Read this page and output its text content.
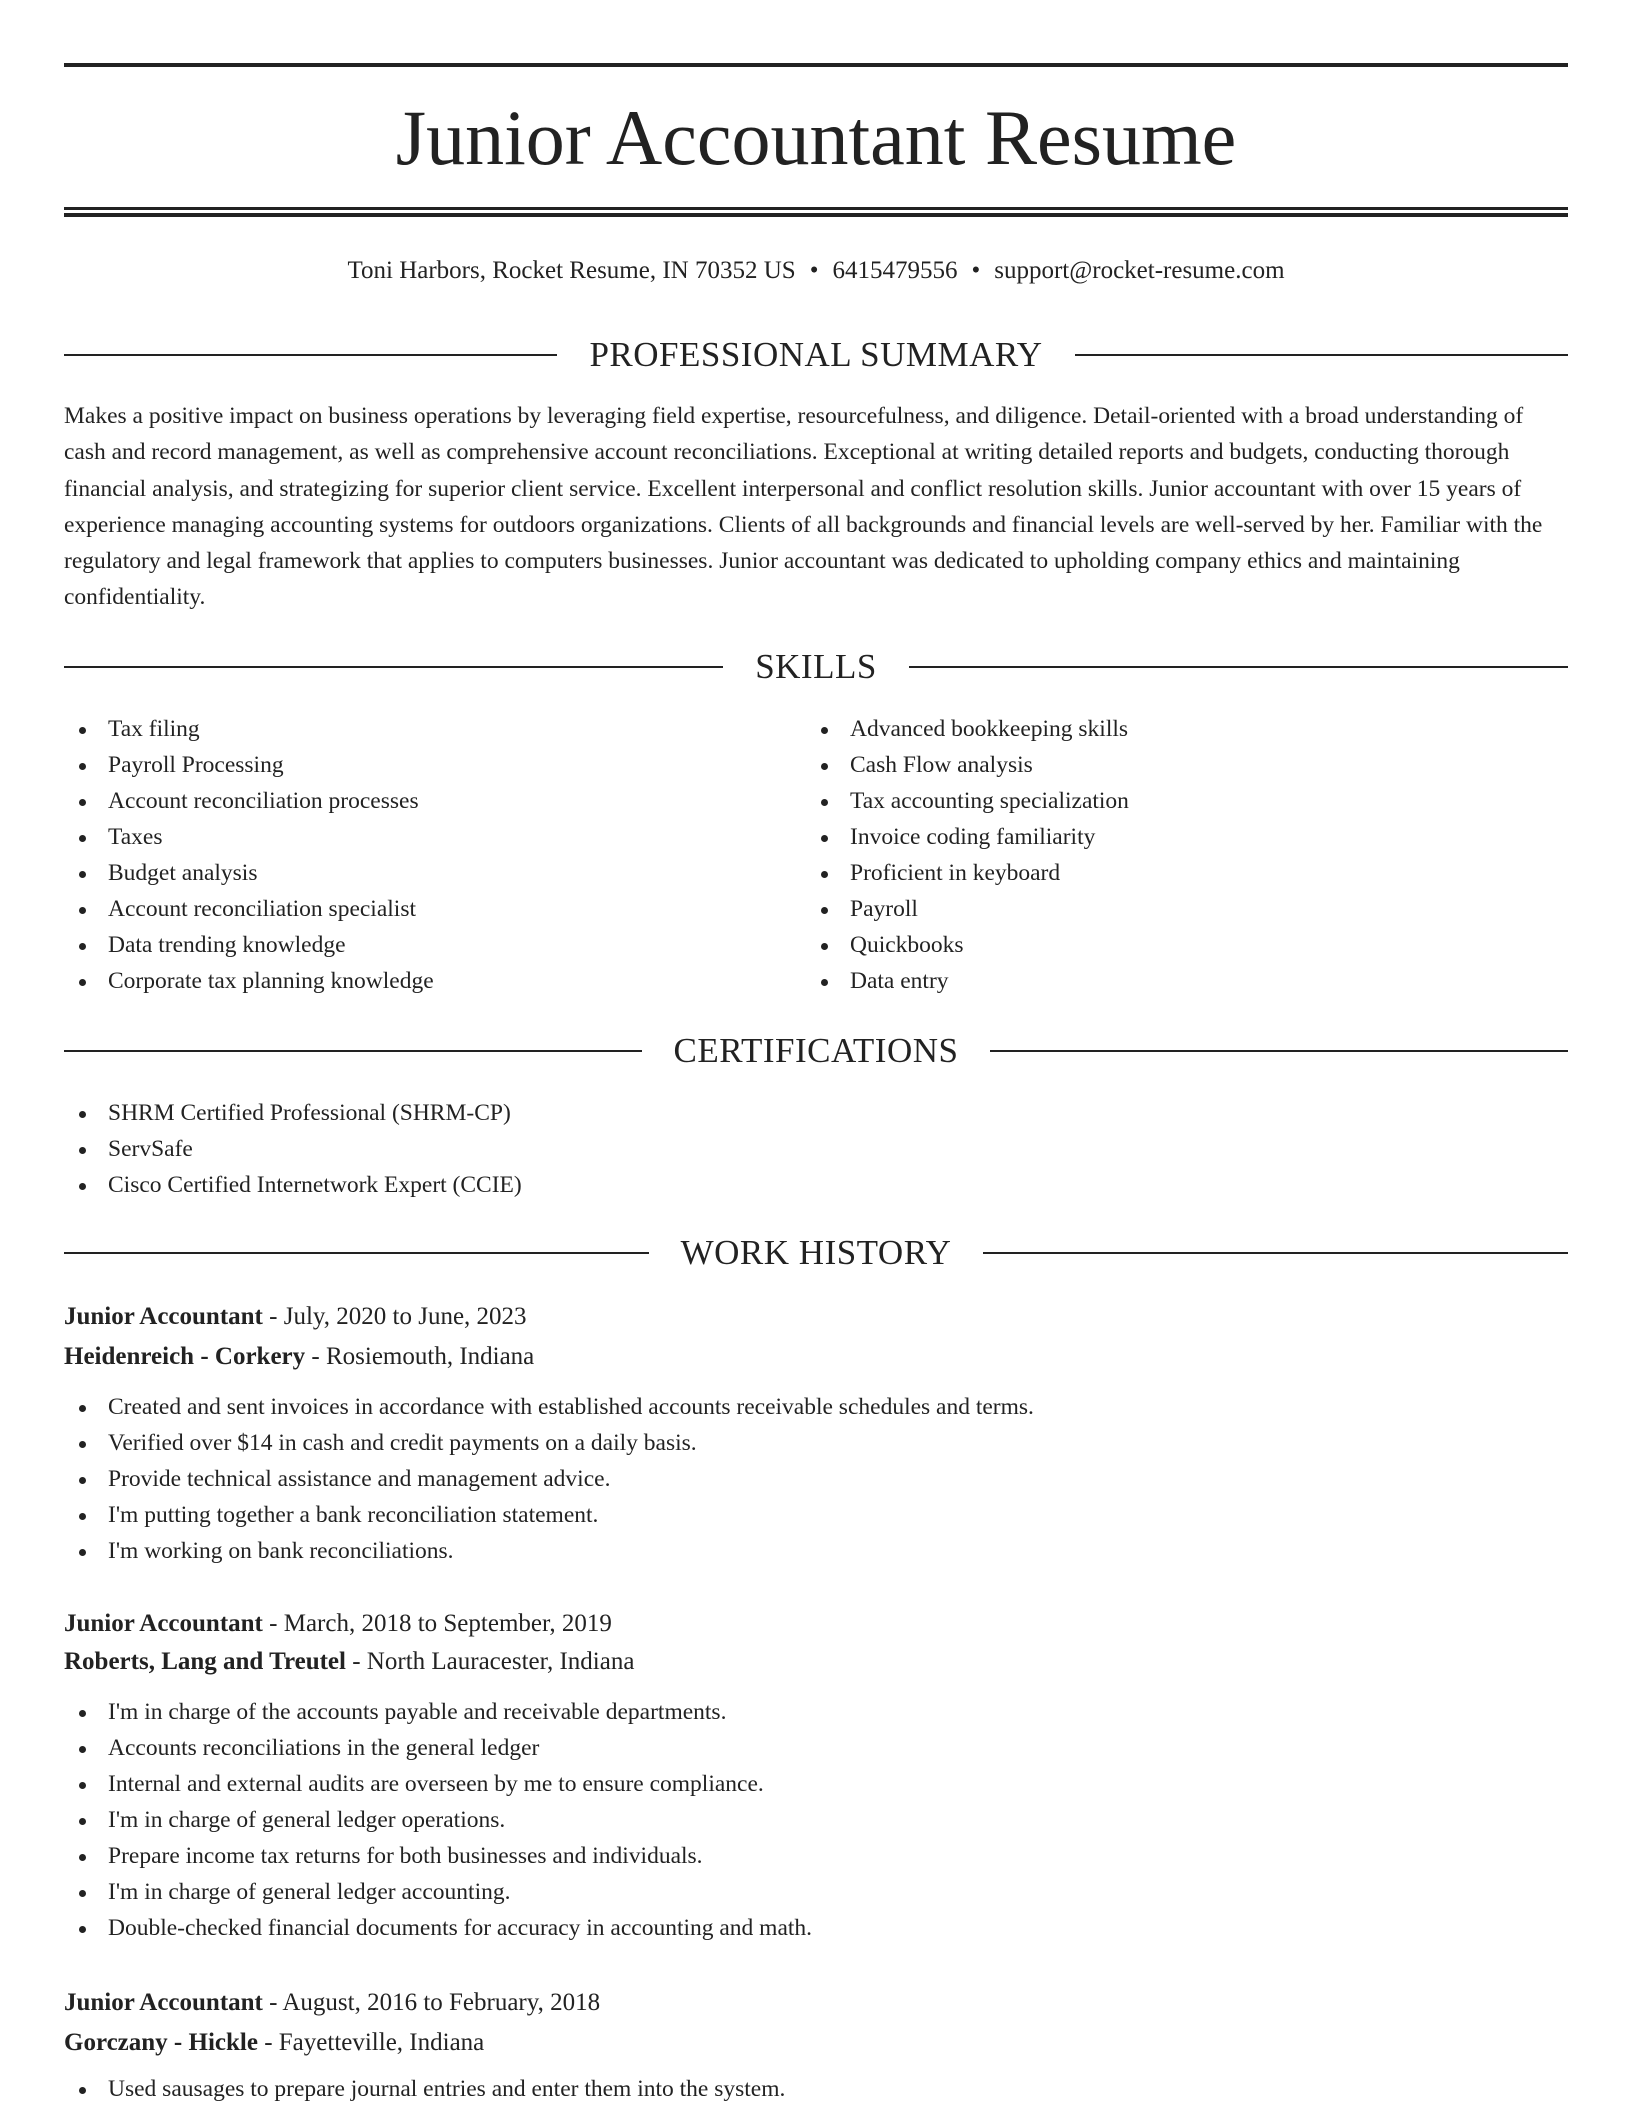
Junior Accountant Resume
Toni Harbors, Rocket Resume, IN 70352 US • 6415479556 • support@rocket-resume.com
PROFESSIONAL SUMMARY

Makes a positive impact on business operations by leveraging field expertise, resourcefulness, and diligence. Detail-oriented with a broad understanding of cash and record management, as well as comprehensive account reconciliations. Exceptional at writing detailed reports and budgets, conducting thorough financial analysis, and strategizing for superior client service. Excellent interpersonal and conflict resolution skills. Junior accountant with over 15 years of experience managing accounting systems for outdoors organizations. Clients of all backgrounds and financial levels are well-served by her. Familiar with the regulatory and legal framework that applies to computers businesses. Junior accountant was dedicated to upholding company ethics and maintaining confidentiality.

SKILLS
Tax filing
Payroll Processing
Account reconciliation processes
Taxes
Budget analysis
Account reconciliation specialist
Data trending knowledge
Corporate tax planning knowledge
Advanced bookkeeping skills
Cash Flow analysis
Tax accounting specialization
Invoice coding familiarity
Proficient in keyboard
Payroll
Quickbooks
Data entry
CERTIFICATIONS
SHRM Certified Professional (SHRM-CP)
ServSafe
Cisco Certified Internetwork Expert (CCIE)
WORK HISTORY

Junior Accountant - July, 2020 to June, 2023

Heidenreich - Corkery - Rosiemouth, Indiana

Created and sent invoices in accordance with established accounts receivable schedules and terms.
Verified over $14 in cash and credit payments on a daily basis.
Provide technical assistance and management advice.
I'm putting together a bank reconciliation statement.
I'm working on bank reconciliations.

Junior Accountant - March, 2018 to September, 2019

Roberts, Lang and Treutel - North Lauracester, Indiana

I'm in charge of the accounts payable and receivable departments.
Accounts reconciliations in the general ledger
Internal and external audits are overseen by me to ensure compliance.
I'm in charge of general ledger operations.
Prepare income tax returns for both businesses and individuals.
I'm in charge of general ledger accounting.
Double-checked financial documents for accuracy in accounting and math.

Junior Accountant - August, 2016 to February, 2018

Gorczany - Hickle - Fayetteville, Indiana

Used sausages to prepare journal entries and enter them into the system.
